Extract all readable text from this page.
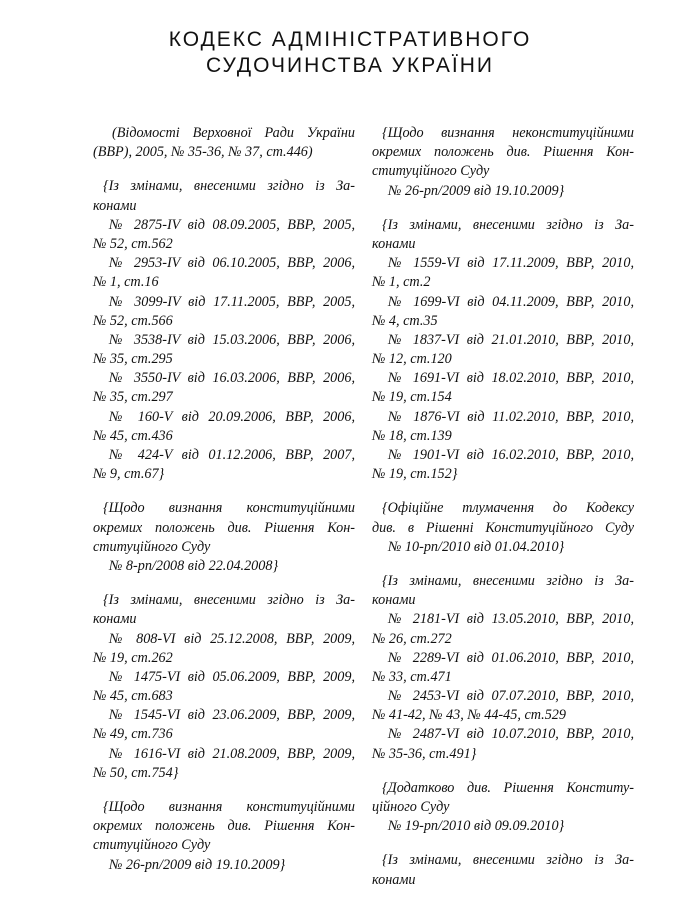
КОДЕКС АДМІНІСТРАТИВНОГО
СУДОЧИНСТВА УКРАЇНИ
(Відомості Верховної Ради України
(ВВР), 2005, № 35-36, № 37, ст.446)
{Із змінами, внесеними згідно із За-
конами
№ 2875-IV від 08.09.2005, ВВР, 2005,
№ 52, ст.562
№ 2953-IV від 06.10.2005, ВВР, 2006,
№ 1, ст.16
№ 3099-IV від 17.11.2005, ВВР, 2005,
№ 52, ст.566
№ 3538-IV від 15.03.2006, ВВР, 2006,
№ 35, ст.295
№ 3550-IV від 16.03.2006, ВВР, 2006,
№ 35, ст.297
№ 160-V від 20.09.2006, ВВР, 2006,
№ 45, ст.436
№ 424-V від 01.12.2006, ВВР, 2007,
№ 9, ст.67}
{Щодо визнання конституційними
окремих положень див. Рішення Кон-
ституційного Суду
№ 8-рп/2008 від 22.04.2008}
{Із змінами, внесеними згідно із За-
конами
№ 808-VI від 25.12.2008, ВВР, 2009,
№ 19, ст.262
№ 1475-VI від 05.06.2009, ВВР, 2009,
№ 45, ст.683
№ 1545-VI від 23.06.2009, ВВР, 2009,
№ 49, ст.736
№ 1616-VI від 21.08.2009, ВВР, 2009,
№ 50, ст.754}
{Щодо визнання конституційними
окремих положень див. Рішення Кон-
ституційного Суду
№ 26-рп/2009 від 19.10.2009}
{Щодо визнання неконституційними
окремих положень див. Рішення Кон-
ституційного Суду
№ 26-рп/2009 від 19.10.2009}
{Із змінами, внесеними згідно із За-
конами
№ 1559-VI від 17.11.2009, ВВР, 2010,
№ 1, ст.2
№ 1699-VI від 04.11.2009, ВВР, 2010,
№ 4, ст.35
№ 1837-VI від 21.01.2010, ВВР, 2010,
№ 12, ст.120
№ 1691-VI від 18.02.2010, ВВР, 2010,
№ 19, ст.154
№ 1876-VI від 11.02.2010, ВВР, 2010,
№ 18, ст.139
№ 1901-VI від 16.02.2010, ВВР, 2010,
№ 19, ст.152}
{Офіційне тлумачення до Кодексу
див. в Рішенні Конституційного Суду
№ 10-рп/2010 від 01.04.2010}
{Із змінами, внесеними згідно із За-
конами
№ 2181-VI від 13.05.2010, ВВР, 2010,
№ 26, ст.272
№ 2289-VI від 01.06.2010, ВВР, 2010,
№ 33, ст.471
№ 2453-VI від 07.07.2010, ВВР, 2010,
№ 41-42, № 43, № 44-45, ст.529
№ 2487-VI від 10.07.2010, ВВР, 2010,
№ 35-36, ст.491}
{Додатково див. Рішення Конститу-
ційного Суду
№ 19-рп/2010 від 09.09.2010}
{Із змінами, внесеними згідно із За-
конами
